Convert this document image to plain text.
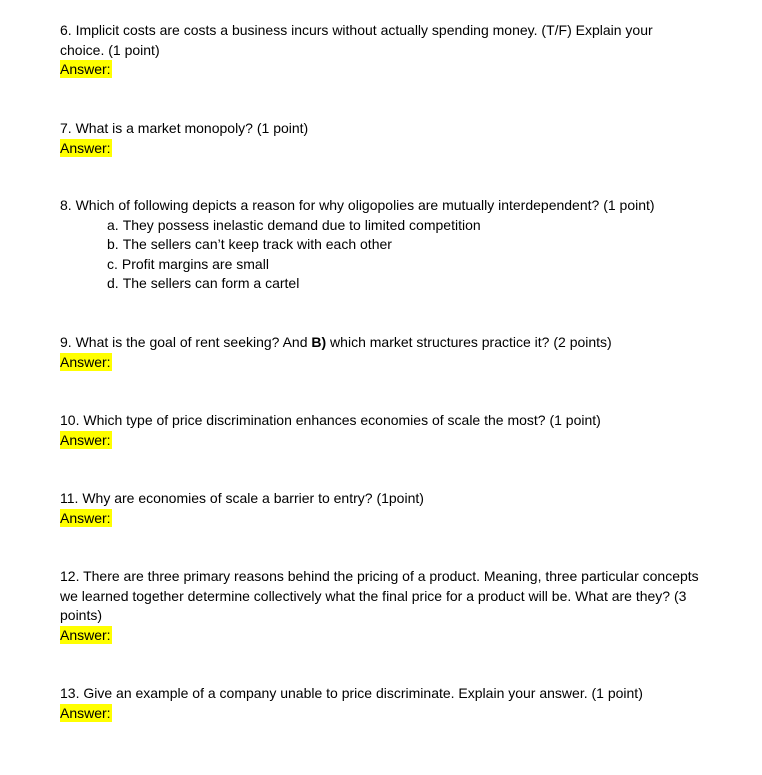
6. Implicit costs are costs a business incurs without actually spending money. (T/F) Explain your choice. (1 point)
Answer:
7. What is a market monopoly? (1 point)
Answer:
8. Which of following depicts a reason for why oligopolies are mutually interdependent? (1 point)
a. They possess inelastic demand due to limited competition
b. The sellers can’t keep track with each other
c. Profit margins are small
d. The sellers can form a cartel
9. What is the goal of rent seeking? And B) which market structures practice it? (2 points)
Answer:
10. Which type of price discrimination enhances economies of scale the most? (1 point)
Answer:
11. Why are economies of scale a barrier to entry? (1point)
Answer:
12. There are three primary reasons behind the pricing of a product. Meaning, three particular concepts we learned together determine collectively what the final price for a product will be. What are they? (3 points)
Answer:
13. Give an example of a company unable to price discriminate. Explain your answer. (1 point)
Answer:
